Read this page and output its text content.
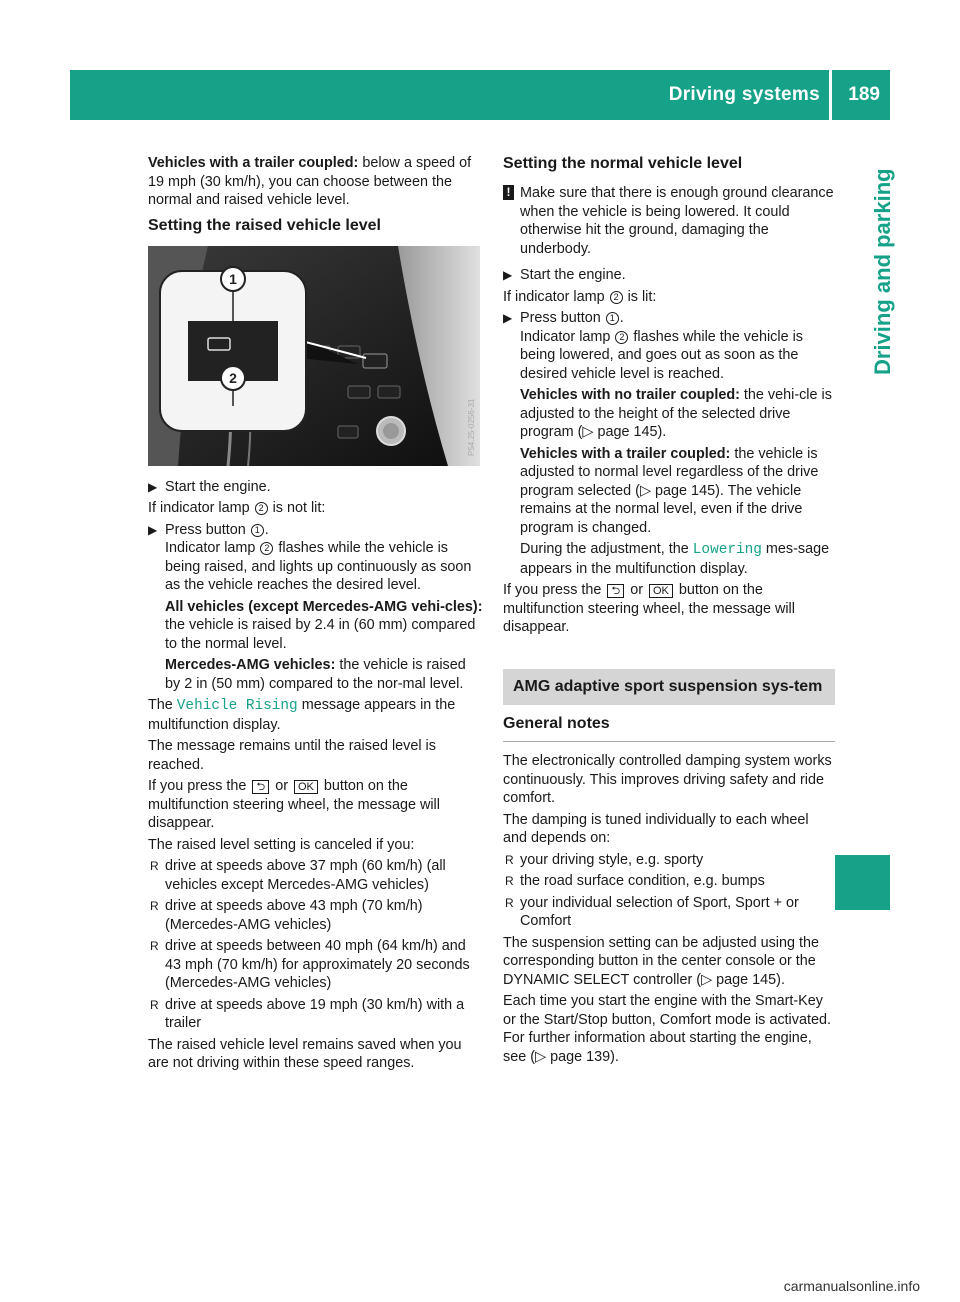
Driving systems 189
Driving and parking

Vehicles with a trailer coupled: below a speed of 19 mph (30 km/h), you can choose between the normal and raised vehicle level.

Setting the raised vehicle level
1
2
P54.25-0256-31
▶ Start the engine.

If indicator lamp 2 is not lit:

▶ Press button 1 .
Indicator lamp 2 flashes while the vehicle is being raised, and lights up continuously as soon as the vehicle reaches the desired level.
All vehicles (except Mercedes-AMG vehi-cles): the vehicle is raised by 2.4 in (60 mm) compared to the normal level.
Mercedes-AMG vehicles: the vehicle is raised by 2 in (50 mm) compared to the nor-mal level.

The Vehicle Rising message appears in the multifunction display.

The message remains until the raised level is reached.

If you press the ⮌ or OK button on the multifunction steering wheel, the message will disappear.

The raised level setting is canceled if you:

R drive at speeds above 37 mph (60 km/h) (all vehicles except Mercedes-AMG vehicles)
R drive at speeds above 43 mph (70 km/h) (Mercedes-AMG vehicles)
R drive at speeds between 40 mph (64 km/h) and 43 mph (70 km/h) for approximately 20 seconds (Mercedes-AMG vehicles)
R drive at speeds above 19 mph (30 km/h) with a trailer

The raised vehicle level remains saved when you are not driving within these speed ranges.

Setting the normal vehicle level
! Make sure that there is enough ground clearance when the vehicle is being lowered. It could otherwise hit the ground, damaging the underbody.
▶ Start the engine.

If indicator lamp 2 is lit:

▶ Press button 1 .
Indicator lamp 2 flashes while the vehicle is being lowered, and goes out as soon as the desired vehicle level is reached.
Vehicles with no trailer coupled: the vehi-cle is adjusted to the height of the selected drive program (▷ page 145).
Vehicles with a trailer coupled: the vehicle is adjusted to normal level regardless of the drive program selected (▷ page 145). The vehicle remains at the normal level, even if the drive program is changed.
During the adjustment, the Lowering mes-sage appears in the multifunction display.

If you press the ⮌ or OK button on the multifunction steering wheel, the message will disappear.

AMG adaptive sport suspension sys-tem
General notes

The electronically controlled damping system works continuously. This improves driving safety and ride comfort.

The damping is tuned individually to each wheel and depends on:

R your driving style, e.g. sporty
R the road surface condition, e.g. bumps
R your individual selection of Sport, Sport + or Comfort

The suspension setting can be adjusted using the corresponding button in the center console or the DYNAMIC SELECT controller (▷ page 145).

Each time you start the engine with the Smart-Key or the Start/Stop button, Comfort mode is activated. For further information about starting the engine, see (▷ page 139).

carmanualsonline.info
